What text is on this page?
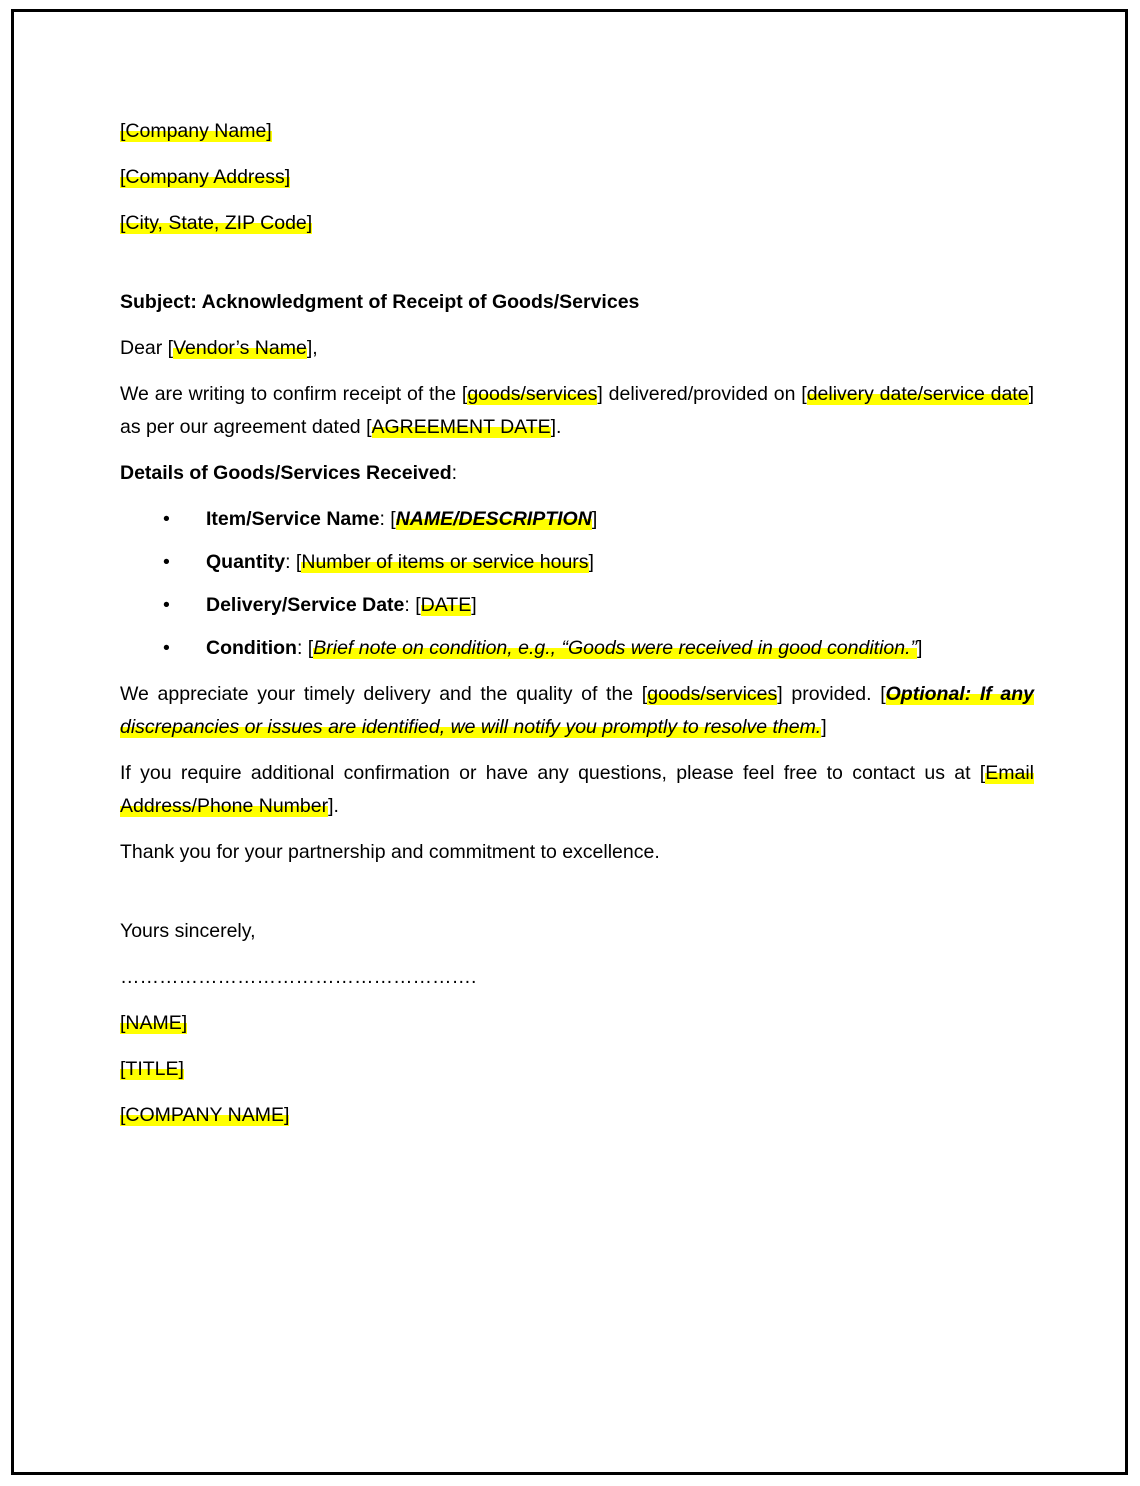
[Company Name]

[Company Address]

[City, State, ZIP Code]

Subject: Acknowledgment of Receipt of Goods/Services

Dear [Vendor’s Name],

We are writing to confirm receipt of the [goods/services] delivered/provided on [delivery date/service date] as per our agreement dated [AGREEMENT DATE].

Details of Goods/Services Received:

• Item/Service Name: [NAME/DESCRIPTION]
• Quantity: [Number of items or service hours]
• Delivery/Service Date: [DATE]
• Condition: [Brief note on condition, e.g., “Goods were received in good condition.”]

We appreciate your timely delivery and the quality of the [goods/services] provided. [Optional: If any discrepancies or issues are identified, we will notify you promptly to resolve them.]

If you require additional confirmation or have any questions, please feel free to contact us at [Email Address/Phone Number].

Thank you for your partnership and commitment to excellence.

Yours sincerely,

……………………………………………….

[NAME]

[TITLE]

[COMPANY NAME]
